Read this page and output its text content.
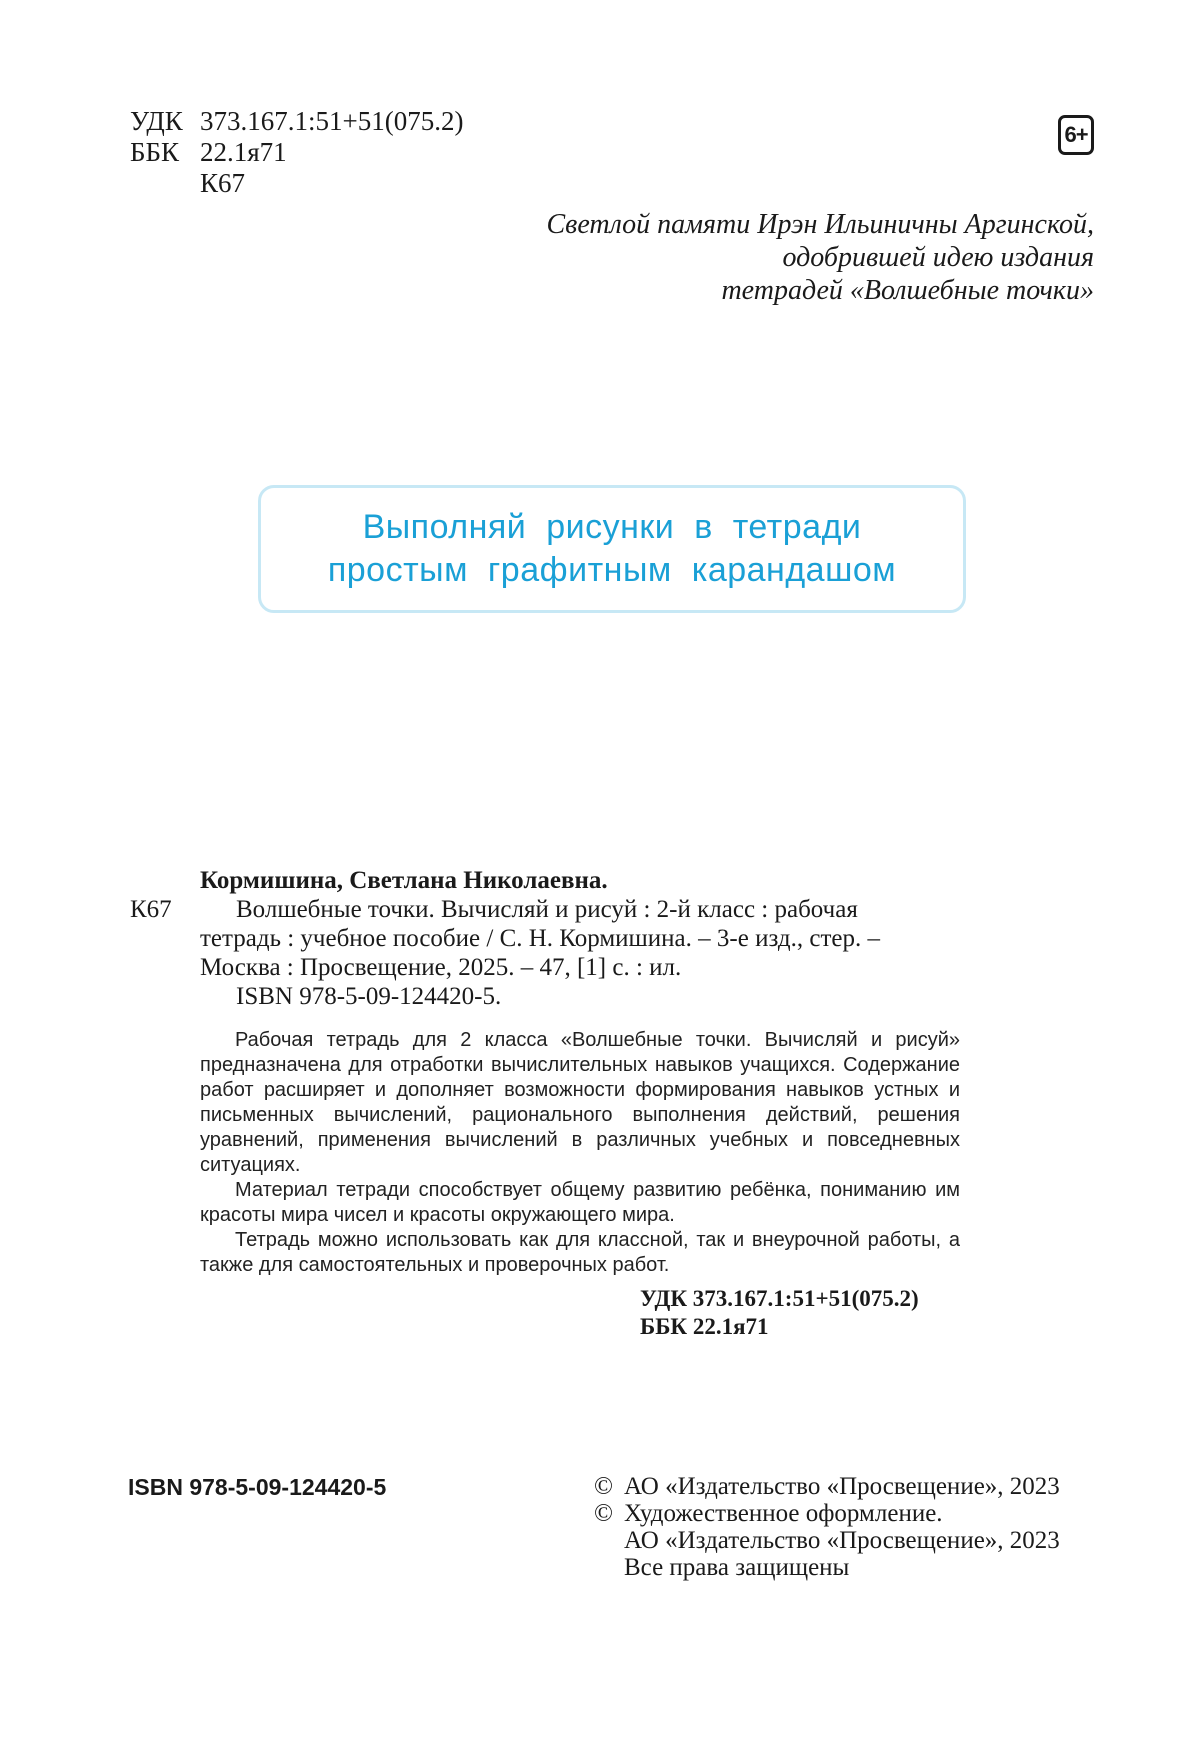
УДК 373.167.1:51+51(075.2)
ББК 22.1я71
К67
6+
Светлой памяти Ирэн Ильиничны Аргинской,
одобрившей идею издания
тетрадей «Волшебные точки»
Выполняй рисунки в тетради
простым графитным карандашом
Кормишина, Светлана Николаевна.
К67	Волшебные точки. Вычисляй и рисуй : 2-й класс : рабочая
тетрадь : учебное пособие / С. Н. Кормишина. – 3-е изд., стер. –
Москва : Просвещение, 2025. – 47, [1] с. : ил.
ISBN 978-5-09-124420-5.

Рабочая тетрадь для 2 класса «Волшебные точки. Вычисляй и рисуй» предназначена для отработки вычислительных навыков учащихся. Содержание работ расширяет и дополняет возможности формирования навыков устных и письменных вычислений, рационального выполнения действий, решения уравнений, применения вычислений в различных учебных и повседневных ситуациях.

Материал тетради способствует общему развитию ребёнка, пониманию им красоты мира чисел и красоты окружающего мира.

Тетрадь можно использовать как для классной, так и внеурочной работы, а также для самостоятельных и проверочных работ.

УДК 373.167.1:51+51(075.2)
ББК 22.1я71
ISBN 978-5-09-124420-5	© АО «Издательство «Просвещение», 2023
© Художественное оформление.
АО «Издательство «Просвещение», 2023
Все права защищены
